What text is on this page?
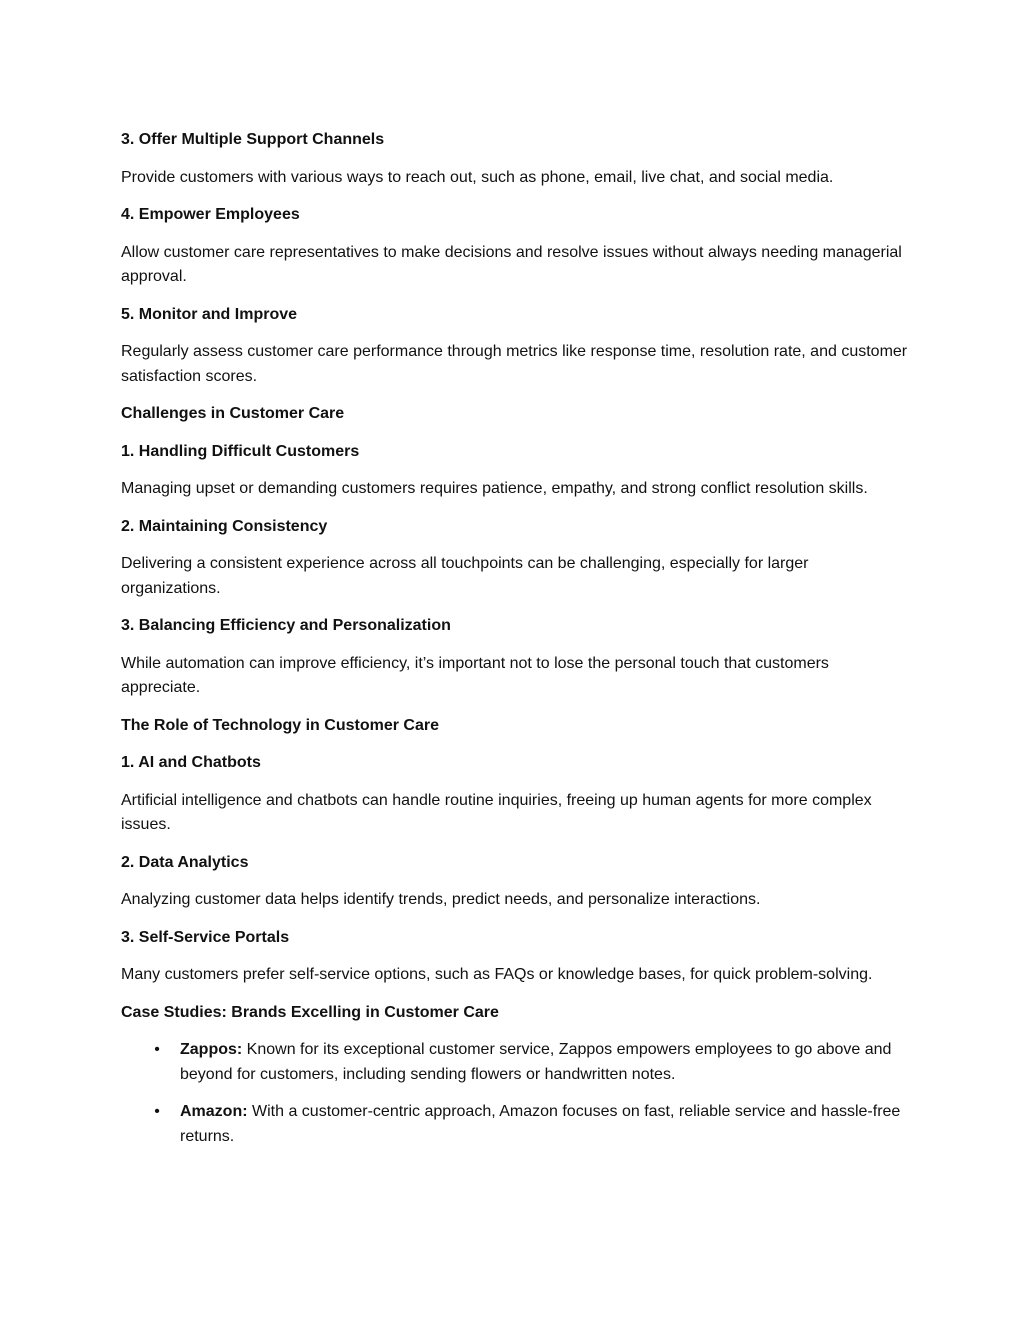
3. Offer Multiple Support Channels
Provide customers with various ways to reach out, such as phone, email, live chat, and social media.
4. Empower Employees
Allow customer care representatives to make decisions and resolve issues without always needing managerial approval.
5. Monitor and Improve
Regularly assess customer care performance through metrics like response time, resolution rate, and customer satisfaction scores.
Challenges in Customer Care
1. Handling Difficult Customers
Managing upset or demanding customers requires patience, empathy, and strong conflict resolution skills.
2. Maintaining Consistency
Delivering a consistent experience across all touchpoints can be challenging, especially for larger organizations.
3. Balancing Efficiency and Personalization
While automation can improve efficiency, it’s important not to lose the personal touch that customers appreciate.
The Role of Technology in Customer Care
1. AI and Chatbots
Artificial intelligence and chatbots can handle routine inquiries, freeing up human agents for more complex issues.
2. Data Analytics
Analyzing customer data helps identify trends, predict needs, and personalize interactions.
3. Self-Service Portals
Many customers prefer self-service options, such as FAQs or knowledge bases, for quick problem-solving.
Case Studies: Brands Excelling in Customer Care
• Zappos: Known for its exceptional customer service, Zappos empowers employees to go above and beyond for customers, including sending flowers or handwritten notes.
• Amazon: With a customer-centric approach, Amazon focuses on fast, reliable service and hassle-free returns.
